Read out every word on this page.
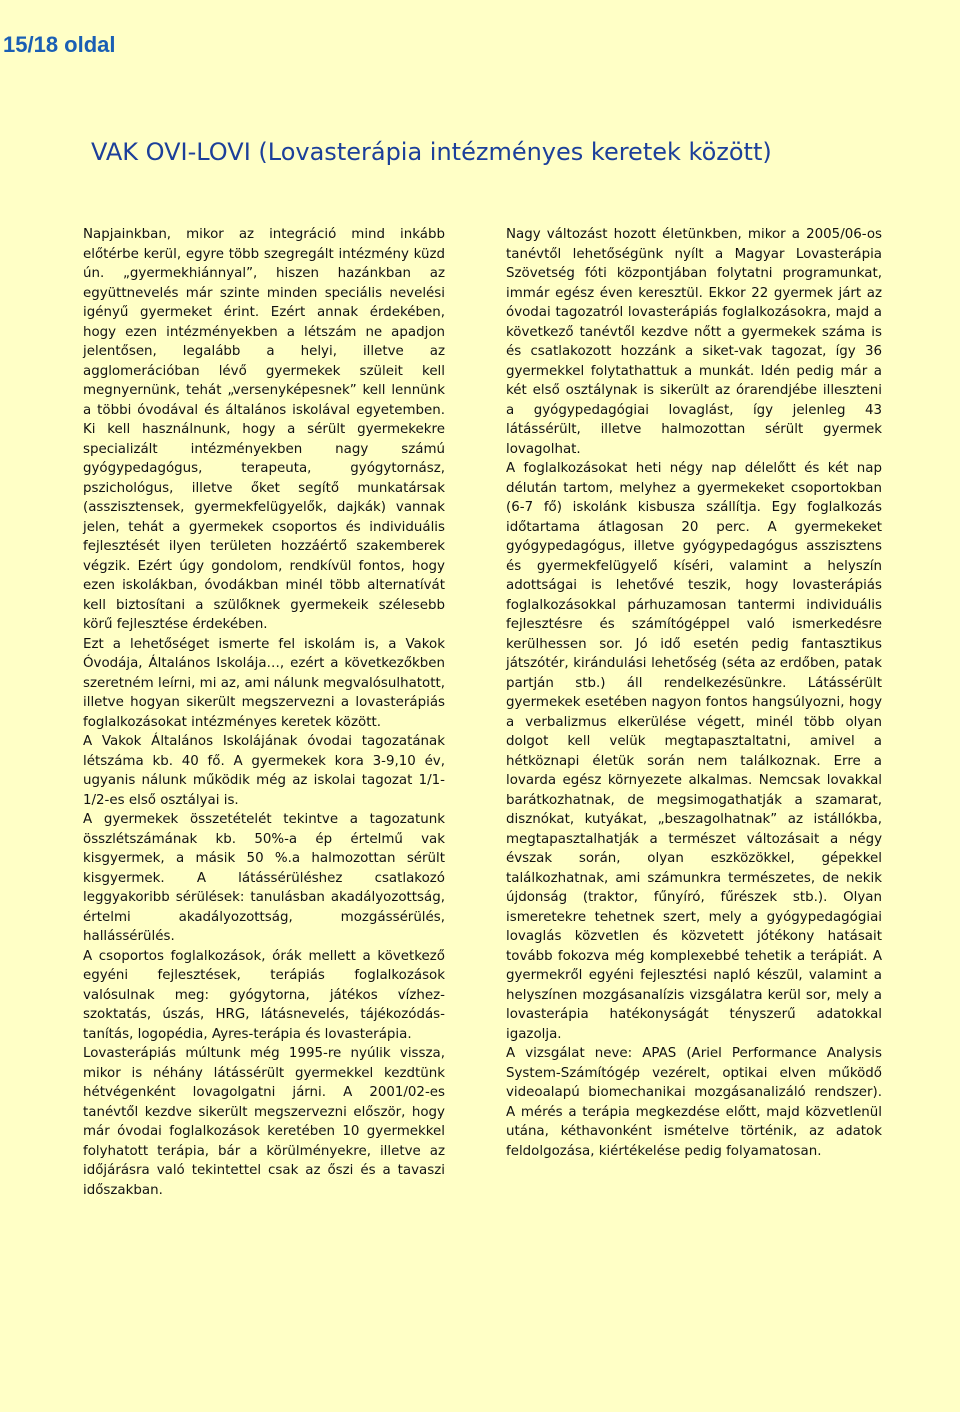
15/18 oldal
VAK OVI-LOVI (Lovasterápia intézményes keretek között)

Napjainkban, mikor az integráció mind inkább előtérbe kerül, egyre több szegregált intézmény küzd ún. „gyermekhiánnyal”, hiszen hazánkban az együttnevelés már szinte minden speciális nevelési igényű gyermeket érint. Ezért annak érdekében, hogy ezen intézményekben a létszám ne apadjon jelentősen, legalább a helyi, illetve az agglomerációban lévő gyermekek szüleit kell megnyernünk, tehát „versenyképesnek” kell lennünk a többi óvodával és általános iskolával egyetemben. Ki kell használnunk, hogy a sérült gyermekekre specializált intézményekben nagy számú gyógypedagógus, terapeuta, gyógytornász, pszichológus, illetve őket segítő munkatársak (asszisztensek, gyermekfelügyelők, dajkák) vannak jelen, tehát a gyermekek csoportos és individuális fejlesztését ilyen területen hozzáértő szakemberek végzik. Ezért úgy gondolom, rendkívül fontos, hogy ezen iskolákban, óvodákban minél több alternatívát kell biztosítani a szülőknek gyermekeik szélesebb körű fejlesztése érdekében.

Ezt a lehetőséget ismerte fel iskolám is, a Vakok Óvodája, Általános Iskolája…, ezért a következőkben szeretném leírni, mi az, ami nálunk megvalósulhatott, illetve hogyan sikerült megszervezni a lovasterápiás foglalkozásokat intézményes keretek között.

A Vakok Általános Iskolájának óvodai tagozatának létszáma kb. 40 fő. A gyermekek kora 3-9,10 év, ugyanis nálunk működik még az iskolai tagozat 1/1-1/2-es első osztályai is.

A gyermekek összetételét tekintve a tagozatunk összlétszámának kb. 50%-a ép értelmű vak kisgyermek, a másik 50 %.a halmozottan sérült kisgyermek. A látássérüléshez csatlakozó leggyakoribb sérülések: tanulásban akadályozottság, értelmi akadályozottság, mozgássérülés, hallássérülés.

A csoportos foglalkozások, órák mellett a következő egyéni fejlesztések, terápiás foglalkozások valósulnak meg: gyógytorna, játékos vízhez-szoktatás, úszás, HRG, látásnevelés, tájékozódás-tanítás, logopédia, Ayres-terápia és lovasterápia.

Lovasterápiás múltunk még 1995-re nyúlik vissza, mikor is néhány látássérült gyermekkel kezdtünk hétvégenként lovagolgatni járni. A 2001/02-es tanévtől kezdve sikerült megszervezni először, hogy már óvodai foglalkozások keretében 10 gyermekkel folyhatott terápia, bár a körülményekre, illetve az időjárásra való tekintettel csak az őszi és a tavaszi időszakban.

Nagy változást hozott életünkben, mikor a 2005/06-os tanévtől lehetőségünk nyílt a Magyar Lovasterápia Szövetség fóti központjában folytatni programunkat, immár egész éven keresztül. Ekkor 22 gyermek járt az óvodai tagozatról lovasterápiás foglalkozásokra, majd a következő tanévtől kezdve nőtt a gyermekek száma is és csatlakozott hozzánk a siket-vak tagozat, így 36 gyermekkel folytathattuk a munkát. Idén pedig már a két első osztálynak is sikerült az órarendjébe illeszteni a gyógypedagógiai lovaglást, így jelenleg 43 látássérült, illetve halmozottan sérült gyermek lovagolhat.

A foglalkozásokat heti négy nap délelőtt és két nap délután tartom, melyhez a gyermekeket csoportokban (6-7 fő) iskolánk kisbusza szállítja. Egy foglalkozás időtartama átlagosan 20 perc. A gyermekeket gyógypedagógus, illetve gyógypedagógus asszisztens és gyermekfelügyelő kíséri, valamint a helyszín adottságai is lehetővé teszik, hogy lovasterápiás foglalkozásokkal párhuzamosan tantermi individuális fejlesztésre és számítógéppel való ismerkedésre kerülhessen sor. Jó idő esetén pedig fantasztikus játszótér, kirándulási lehetőség (séta az erdőben, patak partján stb.) áll rendelkezésünkre. Látássérült gyermekek esetében nagyon fontos hangsúlyozni, hogy a verbalizmus elkerülése végett, minél több olyan dolgot kell velük megtapasztaltatni, amivel a hétköznapi életük során nem találkoznak. Erre a lovarda egész környezete alkalmas. Nemcsak lovakkal barátkozhatnak, de megsimogathatják a szamarat, disznókat, kutyákat, „beszagolhatnak” az istállókba, megtapasztalhatják a természet változásait a négy évszak során, olyan eszközökkel, gépekkel találkozhatnak, ami számunkra természetes, de nekik újdonság (traktor, fűnyíró, fűrészek stb.). Olyan ismeretekre tehetnek szert, mely a gyógypedagógiai lovaglás közvetlen és közvetett jótékony hatásait tovább fokozva még komplexebbé tehetik a terápiát. A gyermekről egyéni fejlesztési napló készül, valamint a helyszínen mozgásanalízis vizsgálatra kerül sor, mely a lovasterápia hatékonyságát tényszerű adatokkal igazolja.

A vizsgálat neve: APAS (Ariel Performance Analysis System-Számítógép vezérelt, optikai elven működő videoalapú biomechanikai mozgásanalizáló rendszer). A mérés a terápia megkezdése előtt, majd közvetlenül utána, kéthavonként ismételve történik, az adatok feldolgozása, kiértékelése pedig folyamatosan.
